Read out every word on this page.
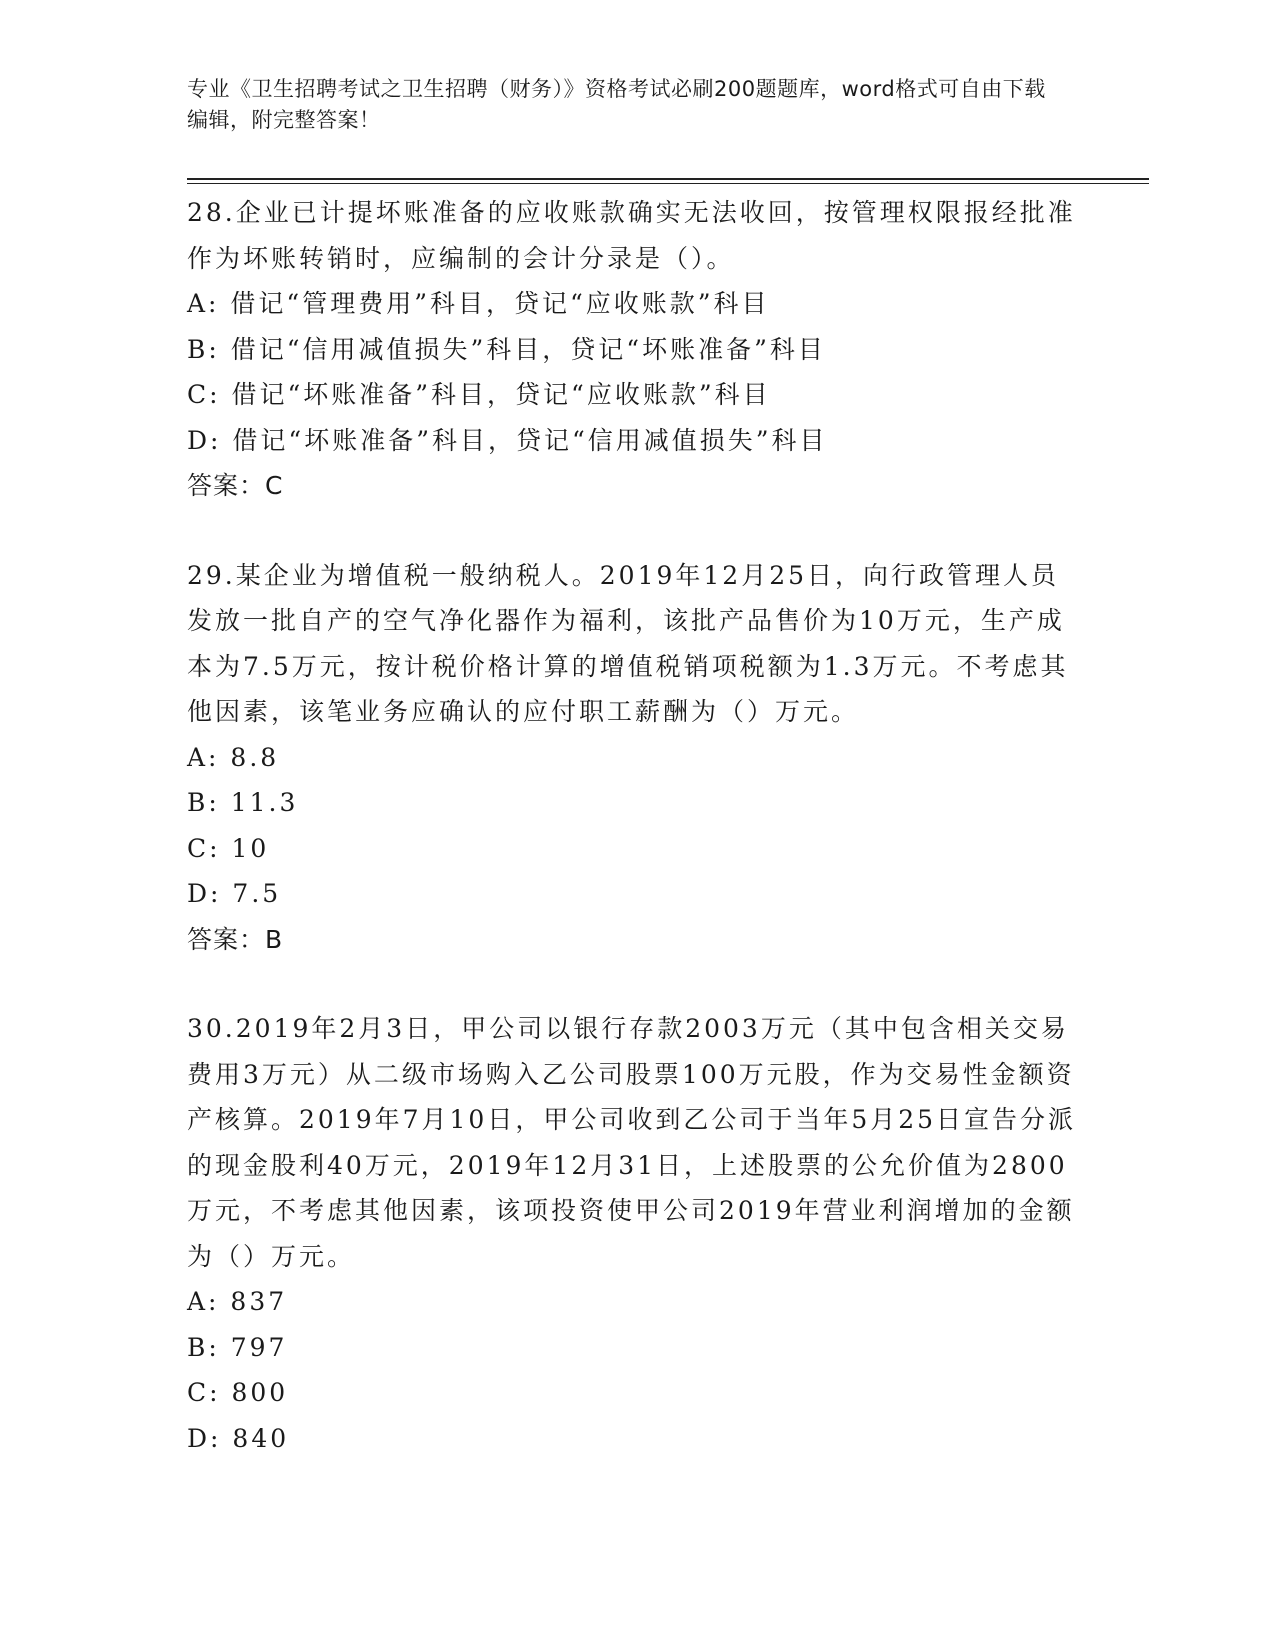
专业《卫生招聘考试之卫生招聘（财务）》资格考试必刷200题题库，word格式可自由下载编辑，附完整答案！
28.企业已计提坏账准备的应收账款确实无法收回，按管理权限报经批准作为坏账转销时，应编制的会计分录是（）。
A: 借记“管理费用”科目，贷记“应收账款”科目
B: 借记“信用减值损失”科目，贷记“坏账准备”科目
C: 借记“坏账准备”科目，贷记“应收账款”科目
D: 借记“坏账准备”科目，贷记“信用减值损失”科目
答案：C
29.某企业为增值税一般纳税人。2019年12月25日，向行政管理人员发放一批自产的空气净化器作为福利，该批产品售价为10万元，生产成本为7.5万元，按计税价格计算的增值税销项税额为1.3万元。不考虑其他因素，该笔业务应确认的应付职工薪酬为（）万元。
A: 8.8
B: 11.3
C: 10
D: 7.5
答案：B
30.2019年2月3日，甲公司以银行存款2003万元（其中包含相关交易费用3万元）从二级市场购入乙公司股票100万元股，作为交易性金额资产核算。2019年7月10日，甲公司收到乙公司于当年5月25日宣告分派的现金股利40万元，2019年12月31日，上述股票的公允价值为2800万元，不考虑其他因素，该项投资使甲公司2019年营业利润增加的金额为（）万元。
A: 837
B: 797
C: 800
D: 840
